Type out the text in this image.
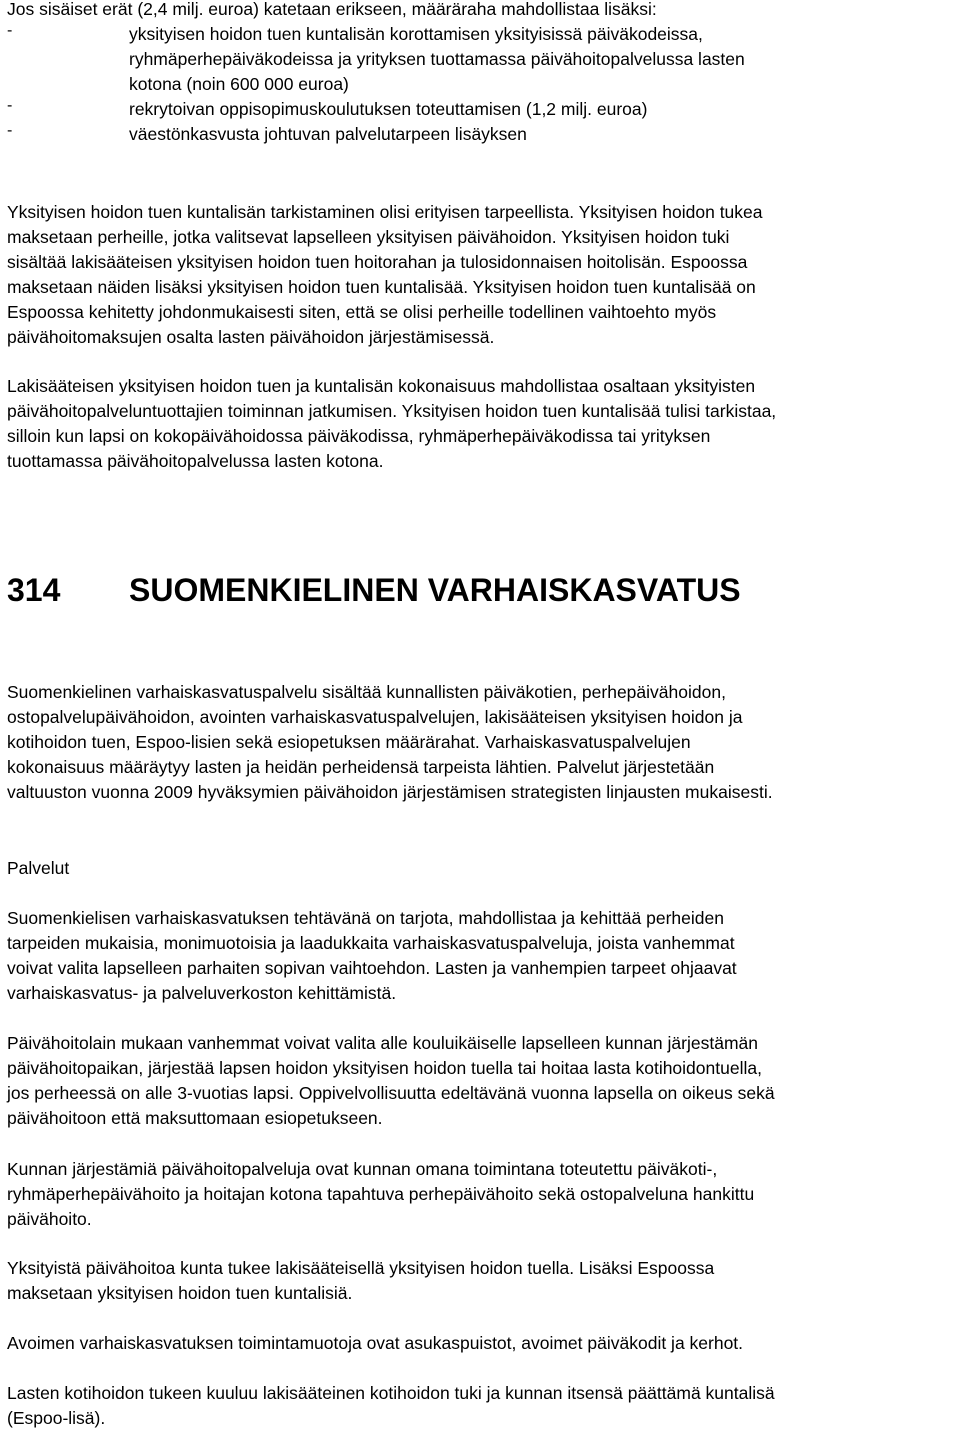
Jos sisäiset erät (2,4 milj. euroa) katetaan erikseen, määräraha mahdollistaa lisäksi:
-	yksityisen hoidon tuen kuntalisän korottamisen yksityisissä päiväkodeissa,
ryhmäperhepäiväkodeissa ja yrityksen tuottamassa päivähoitopalvelussa lasten
kotona (noin 600 000 euroa)
-	rekrytoivan oppisopimuskoulutuksen toteuttamisen (1,2 milj. euroa)
-	väestönkasvusta johtuvan palvelutarpeen lisäyksen
Yksityisen hoidon tuen kuntalisän tarkistaminen olisi erityisen tarpeellista. Yksityisen hoidon tukea
maksetaan perheille, jotka valitsevat lapselleen yksityisen päivähoidon. Yksityisen hoidon tuki
sisältää lakisääteisen yksityisen hoidon tuen hoitorahan ja tulosidonnaisen hoitolisän. Espoossa
maksetaan näiden lisäksi yksityisen hoidon tuen kuntalisää. Yksityisen hoidon tuen kuntalisää on
Espoossa kehitetty johdonmukaisesti siten, että se olisi perheille todellinen vaihtoehto myös
päivähoitomaksujen osalta lasten päivähoidon järjestämisessä.
Lakisääteisen yksityisen hoidon tuen ja kuntalisän kokonaisuus mahdollistaa osaltaan yksityisten
päivähoitopalveluntuottajien toiminnan jatkumisen. Yksityisen hoidon tuen kuntalisää tulisi tarkistaa,
silloin kun lapsi on kokopäivähoidossa päiväkodissa, ryhmäperhepäiväkodissa tai yrityksen
tuottamassa päivähoitopalvelussa lasten kotona.
314 SUOMENKIELINEN VARHAISKASVATUS
Suomenkielinen varhaiskasvatuspalvelu sisältää kunnallisten päiväkotien, perhepäivähoidon,
ostopalvelupäivähoidon, avointen varhaiskasvatuspalvelujen, lakisääteisen yksityisen hoidon ja
kotihoidon tuen, Espoo-lisien sekä esiopetuksen määrärahat. Varhaiskasvatuspalvelujen
kokonaisuus määräytyy lasten ja heidän perheidensä tarpeista lähtien. Palvelut järjestetään
valtuuston vuonna 2009 hyväksymien päivähoidon järjestämisen strategisten linjausten mukaisesti.
Palvelut
Suomenkielisen varhaiskasvatuksen tehtävänä on tarjota, mahdollistaa ja kehittää perheiden
tarpeiden mukaisia, monimuotoisia ja laadukkaita varhaiskasvatuspalveluja, joista vanhemmat
voivat valita lapselleen parhaiten sopivan vaihtoehdon. Lasten ja vanhempien tarpeet ohjaavat
varhaiskasvatus- ja palveluverkoston kehittämistä.
Päivähoitolain mukaan vanhemmat voivat valita alle kouluikäiselle lapselleen kunnan järjestämän
päivähoitopaikan, järjestää lapsen hoidon yksityisen hoidon tuella tai hoitaa lasta kotihoidontuella,
jos perheessä on alle 3-vuotias lapsi. Oppivelvollisuutta edeltävänä vuonna lapsella on oikeus sekä
päivähoitoon että maksuttomaan esiopetukseen.
Kunnan järjestämiä päivähoitopalveluja ovat kunnan omana toimintana toteutettu päiväkoti-,
ryhmäperhepäivähoito ja hoitajan kotona tapahtuva perhepäivähoito sekä ostopalveluna hankittu
päivähoito.
Yksityistä päivähoitoa kunta tukee lakisääteisellä yksityisen hoidon tuella. Lisäksi Espoossa
maksetaan yksityisen hoidon tuen kuntalisiä.
Avoimen varhaiskasvatuksen toimintamuotoja ovat asukaspuistot, avoimet päiväkodit ja kerhot.
Lasten kotihoidon tukeen kuuluu lakisääteinen kotihoidon tuki ja kunnan itsensä päättämä kuntalisä
(Espoo-lisä).
